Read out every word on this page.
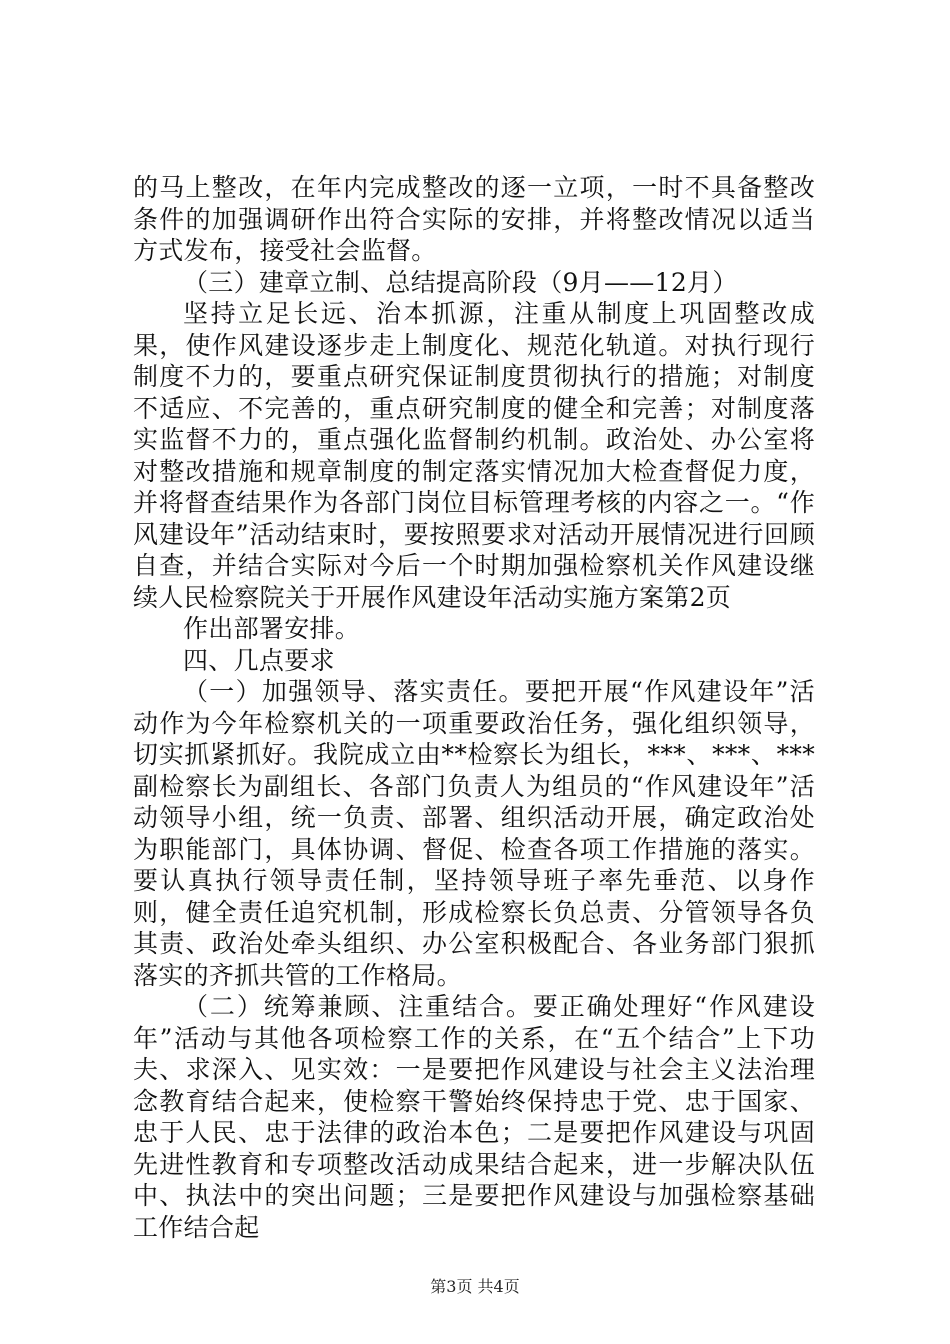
的马上整改，在年内完成整改的逐一立项，一时不具备整改条件的加强调研作出符合实际的安排，并将整改情况以适当方式发布，接受社会监督。

（三）建章立制、总结提高阶段（9月——12月）

坚持立足长远、治本抓源，注重从制度上巩固整改成果，使作风建设逐步走上制度化、规范化轨道。对执行现行制度不力的，要重点研究保证制度贯彻执行的措施；对制度不适应、不完善的，重点研究制度的健全和完善；对制度落实监督不力的，重点强化监督制约机制。政治处、办公室将对整改措施和规章制度的制定落实情况加大检查督促力度，并将督查结果作为各部门岗位目标管理考核的内容之一。“作风建设年”活动结束时，要按照要求对活动开展情况进行回顾自查，并结合实际对今后一个时期加强检察机关作风建设继续人民检察院关于开展作风建设年活动实施方案第2页

作出部署安排。

四、几点要求

（一）加强领导、落实责任。要把开展“作风建设年”活动作为今年检察机关的一项重要政治任务，强化组织领导，切实抓紧抓好。我院成立由**检察长为组长，***、***、***副检察长为副组长、各部门负责人为组员的“作风建设年”活动领导小组，统一负责、部署、组织活动开展，确定政治处为职能部门，具体协调、督促、检查各项工作措施的落实。要认真执行领导责任制，坚持领导班子率先垂范、以身作则，健全责任追究机制，形成检察长负总责、分管领导各负其责、政治处牵头组织、办公室积极配合、各业务部门狠抓落实的齐抓共管的工作格局。

（二）统筹兼顾、注重结合。要正确处理好“作风建设年”活动与其他各项检察工作的关系，在“五个结合”上下功夫、求深入、见实效：一是要把作风建设与社会主义法治理念教育结合起来，使检察干警始终保持忠于党、忠于国家、忠于人民、忠于法律的政治本色；二是要把作风建设与巩固先进性教育和专项整改活动成果结合起来，进一步解决队伍中、执法中的突出问题；三是要把作风建设与加强检察基础工作结合起

第3页 共4页
